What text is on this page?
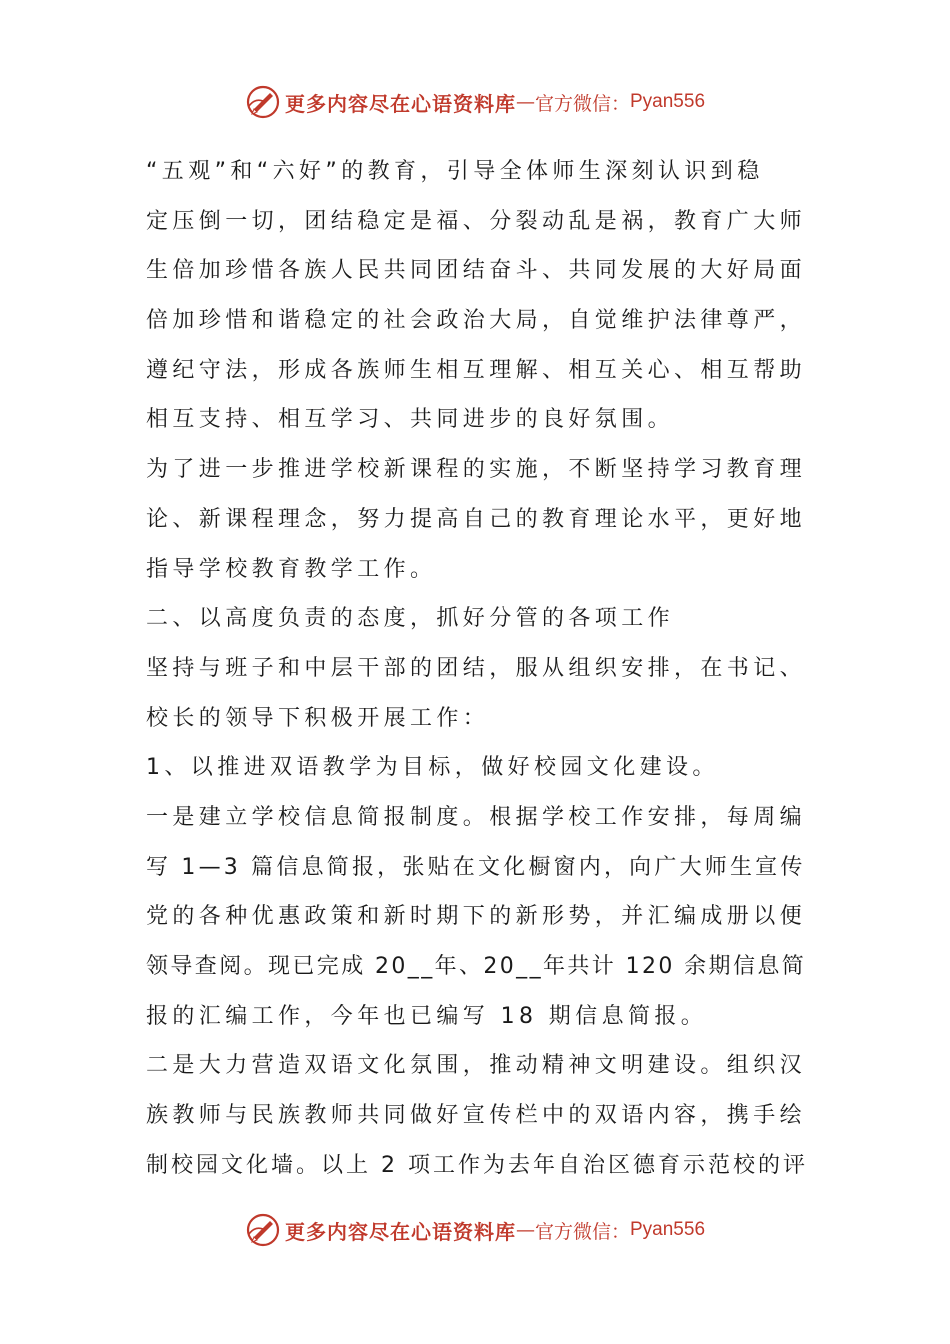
更多内容尽在心语资料库 — 官方微信： Pyan556
“五观”和“六好”的教育，引导全体师生深刻认识到稳
定压倒一切，团结稳定是福、分裂动乱是祸，教育广大师
生倍加珍惜各族人民共同团结奋斗、共同发展的大好局面
倍加珍惜和谐稳定的社会政治大局，自觉维护法律尊严，
遵纪守法，形成各族师生相互理解、相互关心、相互帮助
相互支持、相互学习、共同进步的良好氛围。
为了进一步推进学校新课程的实施，不断坚持学习教育理
论、新课程理念，努力提高自己的教育理论水平，更好地
指导学校教育教学工作。
二、以高度负责的态度，抓好分管的各项工作
坚持与班子和中层干部的团结，服从组织安排，在书记、
校长的领导下积极开展工作：
1、以推进双语教学为目标，做好校园文化建设。
一是建立学校信息简报制度。根据学校工作安排，每周编
写 1—3 篇信息简报，张贴在文化橱窗内，向广大师生宣传
党的各种优惠政策和新时期下的新形势，并汇编成册以便
领导查阅。现已完成 20__年、20__年共计 120 余期信息简
报的汇编工作，今年也已编写 18 期信息简报。
二是大力营造双语文化氛围，推动精神文明建设。组织汉
族教师与民族教师共同做好宣传栏中的双语内容，携手绘
制校园文化墙。以上 2 项工作为去年自治区德育示范校的评
更多内容尽在心语资料库 — 官方微信： Pyan556
